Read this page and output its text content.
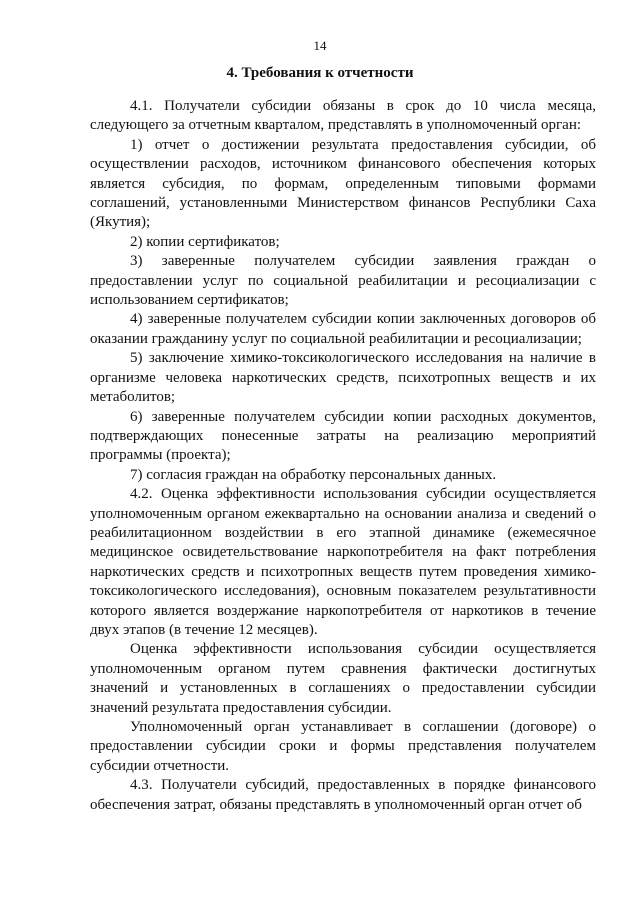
14
4. Требования к отчетности

4.1. Получатели субсидии обязаны в срок до 10 числа месяца, следующего за отчетным кварталом, представлять в уполномоченный орган:

1) отчет о достижении результата предоставления субсидии, об осуществлении расходов, источником финансового обеспечения которых является субсидия, по формам, определенным типовыми формами соглашений, установленными Министерством финансов Республики Саха (Якутия);

2) копии сертификатов;

3) заверенные получателем субсидии заявления граждан о предоставлении услуг по социальной реабилитации и ресоциализации с использованием сертификатов;

4) заверенные получателем субсидии копии заключенных договоров об оказании гражданину услуг по социальной реабилитации и ресоциализации;

5) заключение химико-токсикологического исследования на наличие в организме человека наркотических средств, психотропных веществ и их метаболитов;

6) заверенные получателем субсидии копии расходных документов, подтверждающих понесенные затраты на реализацию мероприятий программы (проекта);

7) согласия граждан на обработку персональных данных.

4.2. Оценка эффективности использования субсидии осуществляется уполномоченным органом ежеквартально на основании анализа и сведений о реабилитационном воздействии в его этапной динамике (ежемесячное медицинское освидетельствование наркопотребителя на факт потребления наркотических средств и психотропных веществ путем проведения химико-токсикологического исследования), основным показателем результативности которого является воздержание наркопотребителя от наркотиков в течение двух этапов (в течение 12 месяцев).

Оценка эффективности использования субсидии осуществляется уполномоченным органом путем сравнения фактически достигнутых значений и установленных в соглашениях о предоставлении субсидии значений результата предоставления субсидии.

Уполномоченный орган устанавливает в соглашении (договоре) о предоставлении субсидии сроки и формы представления получателем субсидии отчетности.

4.3. Получатели субсидий, предоставленных в порядке финансового обеспечения затрат, обязаны представлять в уполномоченный орган отчет об
